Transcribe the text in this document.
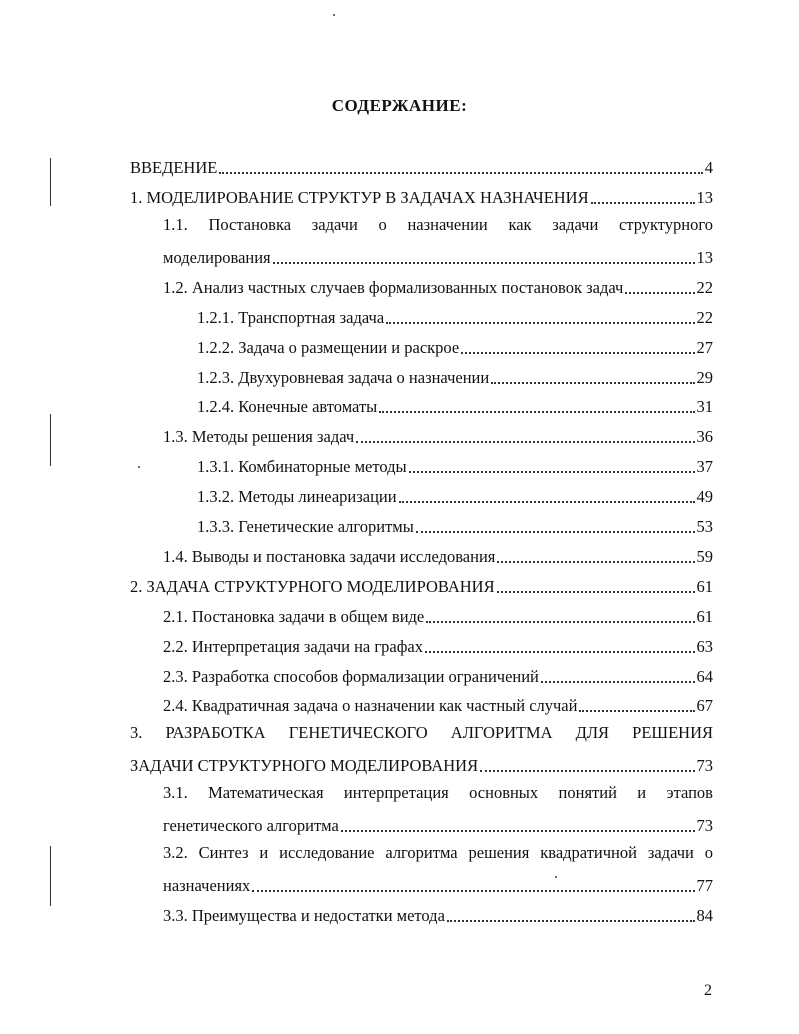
СОДЕРЖАНИЕ:
ВВЕДЕНИЕ	4
1. МОДЕЛИРОВАНИЕ СТРУКТУР В ЗАДАЧАХ НАЗНАЧЕНИЯ	13
1.1. Постановка задачи о назначении как задачи структурного
моделирования	13
1.2. Анализ частных случаев формализованных постановок задач	22
1.2.1. Транспортная задача	22
1.2.2. Задача о размещении и раскрое	27
1.2.3. Двухуровневая задача о назначении	29
1.2.4. Конечные автоматы	31
1.3. Методы решения задач	36
1.3.1. Комбинаторные методы	37
1.3.2. Методы линеаризации	49
1.3.3. Генетические алгоритмы	53
1.4. Выводы и постановка задачи исследования	59
2. ЗАДАЧА СТРУКТУРНОГО МОДЕЛИРОВАНИЯ	61
2.1. Постановка задачи в общем виде	61
2.2. Интерпретация задачи на графах	63
2.3. Разработка способов формализации ограничений	64
2.4. Квадратичная задача о назначении как частный случай	67
3. РАЗРАБОТКА ГЕНЕТИЧЕСКОГО АЛГОРИТМА ДЛЯ РЕШЕНИЯ
ЗАДАЧИ СТРУКТУРНОГО МОДЕЛИРОВАНИЯ	73
3.1. Математическая интерпретация основных понятий и этапов
генетического алгоритма	73
3.2. Синтез и исследование алгоритма решения квадратичной задачи о
назначениях	77
3.3. Преимущества и недостатки метода	84
2
